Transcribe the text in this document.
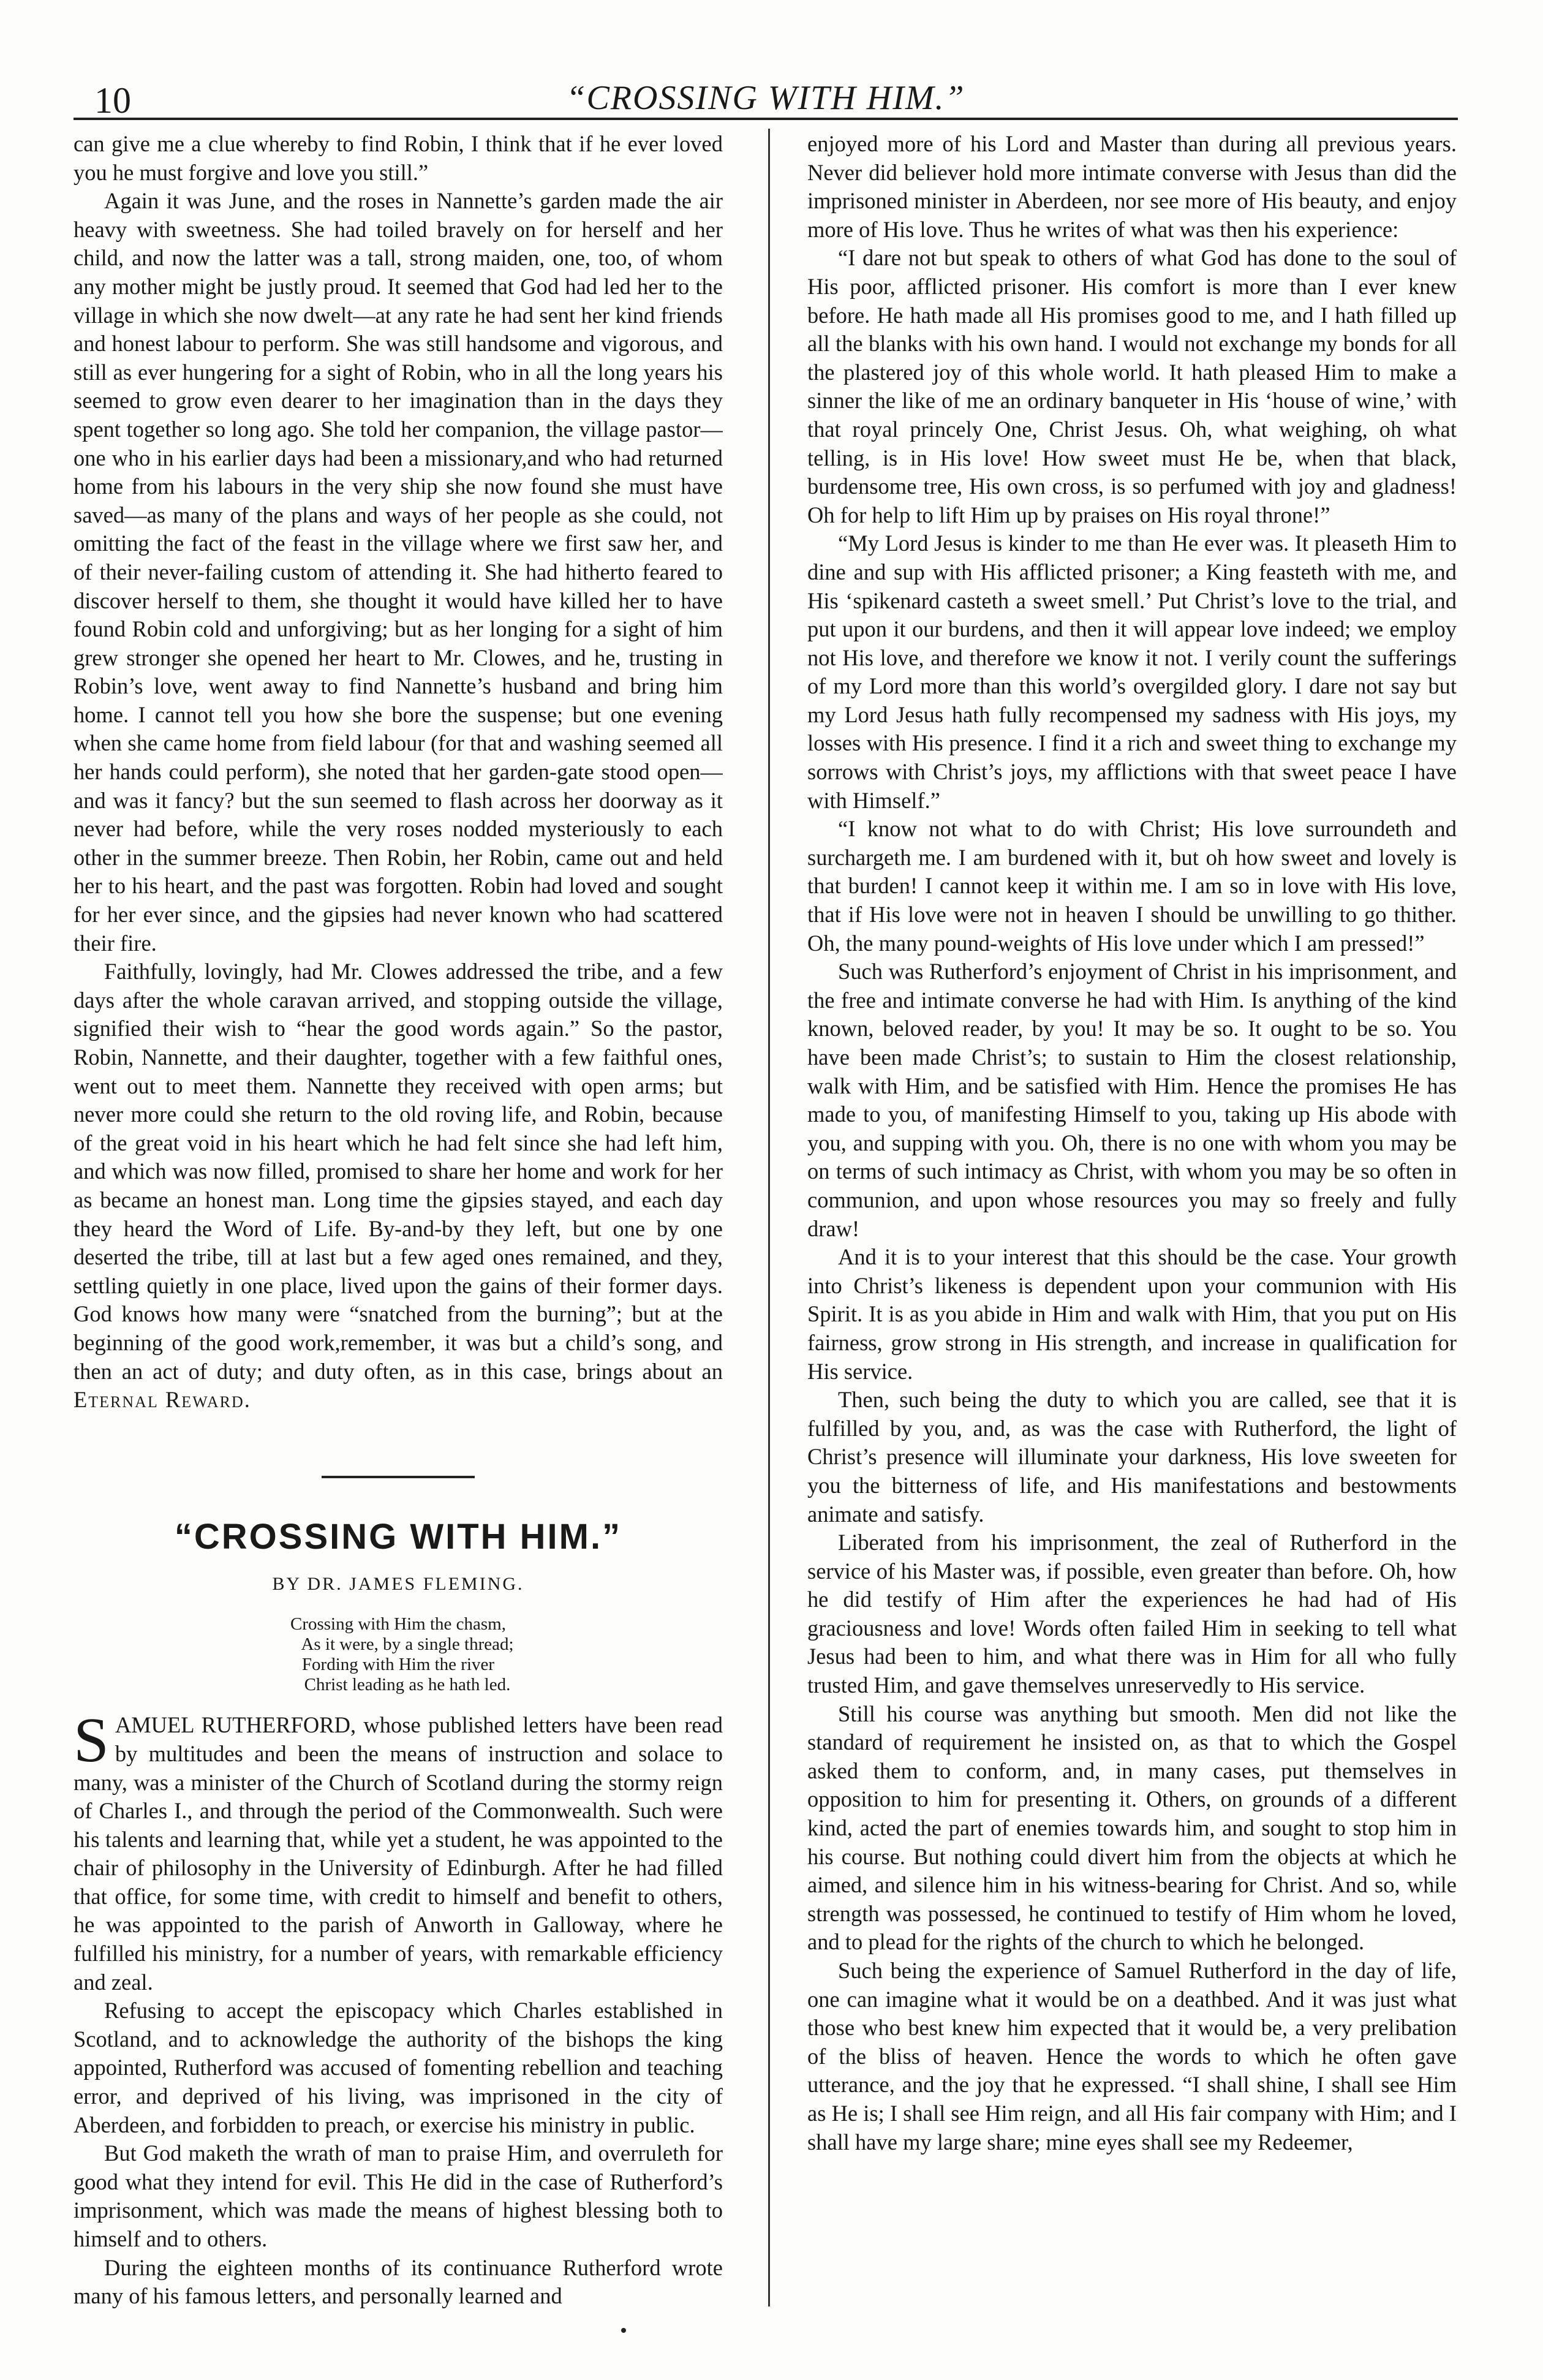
10	“CROSSING WITH HIM.”

can give me a clue whereby to find Robin, I think that if he ever loved you he must forgive and love you still.”

Again it was June, and the roses in Nannette’s garden made the air heavy with sweetness. She had toiled bravely on for herself and her child, and now the latter was a tall, strong maiden, one, too, of whom any mother might be justly proud. It seemed that God had led her to the village in which she now dwelt—at any rate he had sent her kind friends and honest labour to perform. She was still handsome and vigorous, and still as ever hungering for a sight of Robin, who in all the long years his seemed to grow even dearer to her imagination than in the days they spent together so long ago. She told her companion, the village pastor—one who in his earlier days had been a missionary,and who had returned home from his labours in the very ship she now found she must have saved—as many of the plans and ways of her people as she could, not omitting the fact of the feast in the village where we first saw her, and of their never-failing custom of attending it. She had hitherto feared to discover herself to them, she thought it would have killed her to have found Robin cold and unforgiving; but as her longing for a sight of him grew stronger she opened her heart to Mr. Clowes, and he, trusting in Robin’s love, went away to find Nannette’s husband and bring him home. I cannot tell you how she bore the suspense; but one evening when she came home from field labour (for that and washing seemed all her hands could perform), she noted that her garden-gate stood open—and was it fancy? but the sun seemed to flash across her doorway as it never had before, while the very roses nodded mysteriously to each other in the summer breeze. Then Robin, her Robin, came out and held her to his heart, and the past was forgotten. Robin had loved and sought for her ever since, and the gipsies had never known who had scattered their fire.

Faithfully, lovingly, had Mr. Clowes addressed the tribe, and a few days after the whole caravan arrived, and stopping outside the village, signified their wish to “hear the good words again.” So the pastor, Robin, Nannette, and their daughter, together with a few faithful ones, went out to meet them. Nannette they received with open arms; but never more could she return to the old roving life, and Robin, because of the great void in his heart which he had felt since she had left him, and which was now filled, promised to share her home and work for her as became an honest man. Long time the gipsies stayed, and each day they heard the Word of Life. By-and-by they left, but one by one deserted the tribe, till at last but a few aged ones remained, and they, settling quietly in one place, lived upon the gains of their former days. God knows how many were “snatched from the burning”; but at the beginning of the good work,remember, it was but a child’s song, and then an act of duty; and duty often, as in this case, brings about an Eternal Reward.

“CROSSING WITH HIM.”
BY DR. JAMES FLEMING.
Crossing with Him the chasm,
As it were, by a single thread;
Fording with Him the river
Christ leading as he hath led.

SAMUEL RUTHERFORD, whose published letters have been read by multitudes and been the means of instruction and solace to many, was a minister of the Church of Scotland during the stormy reign of Charles I., and through the period of the Commonwealth. Such were his talents and learning that, while yet a student, he was appointed to the chair of philosophy in the University of Edinburgh. After he had filled that office, for some time, with credit to himself and benefit to others, he was appointed to the parish of Anworth in Galloway, where he fulfilled his ministry, for a number of years, with remarkable efficiency and zeal.

Refusing to accept the episcopacy which Charles established in Scotland, and to acknowledge the authority of the bishops the king appointed, Rutherford was accused of fomenting rebellion and teaching error, and deprived of his living, was imprisoned in the city of Aberdeen, and forbidden to preach, or exercise his ministry in public.

But God maketh the wrath of man to praise Him, and overruleth for good what they intend for evil. This He did in the case of Rutherford’s imprisonment, which was made the means of highest blessing both to himself and to others.

During the eighteen months of its continuance Rutherford wrote many of his famous letters, and personally learned and

enjoyed more of his Lord and Master than during all previous years. Never did believer hold more intimate converse with Jesus than did the imprisoned minister in Aberdeen, nor see more of His beauty, and enjoy more of His love. Thus he writes of what was then his experience:

“I dare not but speak to others of what God has done to the soul of His poor, afflicted prisoner. His comfort is more than I ever knew before. He hath made all His promises good to me, and I hath filled up all the blanks with his own hand. I would not exchange my bonds for all the plastered joy of this whole world. It hath pleased Him to make a sinner the like of me an ordinary banqueter in His ‘house of wine,’ with that royal princely One, Christ Jesus. Oh, what weighing, oh what telling, is in His love! How sweet must He be, when that black, burdensome tree, His own cross, is so perfumed with joy and gladness! Oh for help to lift Him up by praises on His royal throne!”

“My Lord Jesus is kinder to me than He ever was. It pleaseth Him to dine and sup with His afflicted prisoner; a King feasteth with me, and His ‘spikenard casteth a sweet smell.’ Put Christ’s love to the trial, and put upon it our burdens, and then it will appear love indeed; we employ not His love, and therefore we know it not. I verily count the sufferings of my Lord more than this world’s overgilded glory. I dare not say but my Lord Jesus hath fully recompensed my sadness with His joys, my losses with His presence. I find it a rich and sweet thing to exchange my sorrows with Christ’s joys, my afflictions with that sweet peace I have with Himself.”

“I know not what to do with Christ; His love surroundeth and surchargeth me. I am burdened with it, but oh how sweet and lovely is that burden! I cannot keep it within me. I am so in love with His love, that if His love were not in heaven I should be unwilling to go thither. Oh, the many pound-weights of His love under which I am pressed!”

Such was Rutherford’s enjoyment of Christ in his imprisonment, and the free and intimate converse he had with Him. Is anything of the kind known, beloved reader, by you! It may be so. It ought to be so. You have been made Christ’s; to sustain to Him the closest relationship, walk with Him, and be satisfied with Him. Hence the promises He has made to you, of manifesting Himself to you, taking up His abode with you, and supping with you. Oh, there is no one with whom you may be on terms of such intimacy as Christ, with whom you may be so often in communion, and upon whose resources you may so freely and fully draw!

And it is to your interest that this should be the case. Your growth into Christ’s likeness is dependent upon your communion with His Spirit. It is as you abide in Him and walk with Him, that you put on His fairness, grow strong in His strength, and increase in qualification for His service.

Then, such being the duty to which you are called, see that it is fulfilled by you, and, as was the case with Rutherford, the light of Christ’s presence will illuminate your darkness, His love sweeten for you the bitterness of life, and His manifestations and bestowments animate and satisfy.

Liberated from his imprisonment, the zeal of Rutherford in the service of his Master was, if possible, even greater than before. Oh, how he did testify of Him after the experiences he had had of His graciousness and love! Words often failed Him in seeking to tell what Jesus had been to him, and what there was in Him for all who fully trusted Him, and gave themselves unreservedly to His service.

Still his course was anything but smooth. Men did not like the standard of requirement he insisted on, as that to which the Gospel asked them to conform, and, in many cases, put themselves in opposition to him for presenting it. Others, on grounds of a different kind, acted the part of enemies towards him, and sought to stop him in his course. But nothing could divert him from the objects at which he aimed, and silence him in his witness-bearing for Christ. And so, while strength was possessed, he continued to testify of Him whom he loved, and to plead for the rights of the church to which he belonged.

Such being the experience of Samuel Rutherford in the day of life, one can imagine what it would be on a deathbed. And it was just what those who best knew him expected that it would be, a very prelibation of the bliss of heaven. Hence the words to which he often gave utterance, and the joy that he expressed. “I shall shine, I shall see Him as He is; I shall see Him reign, and all His fair company with Him; and I shall have my large share; mine eyes shall see my Redeemer,
